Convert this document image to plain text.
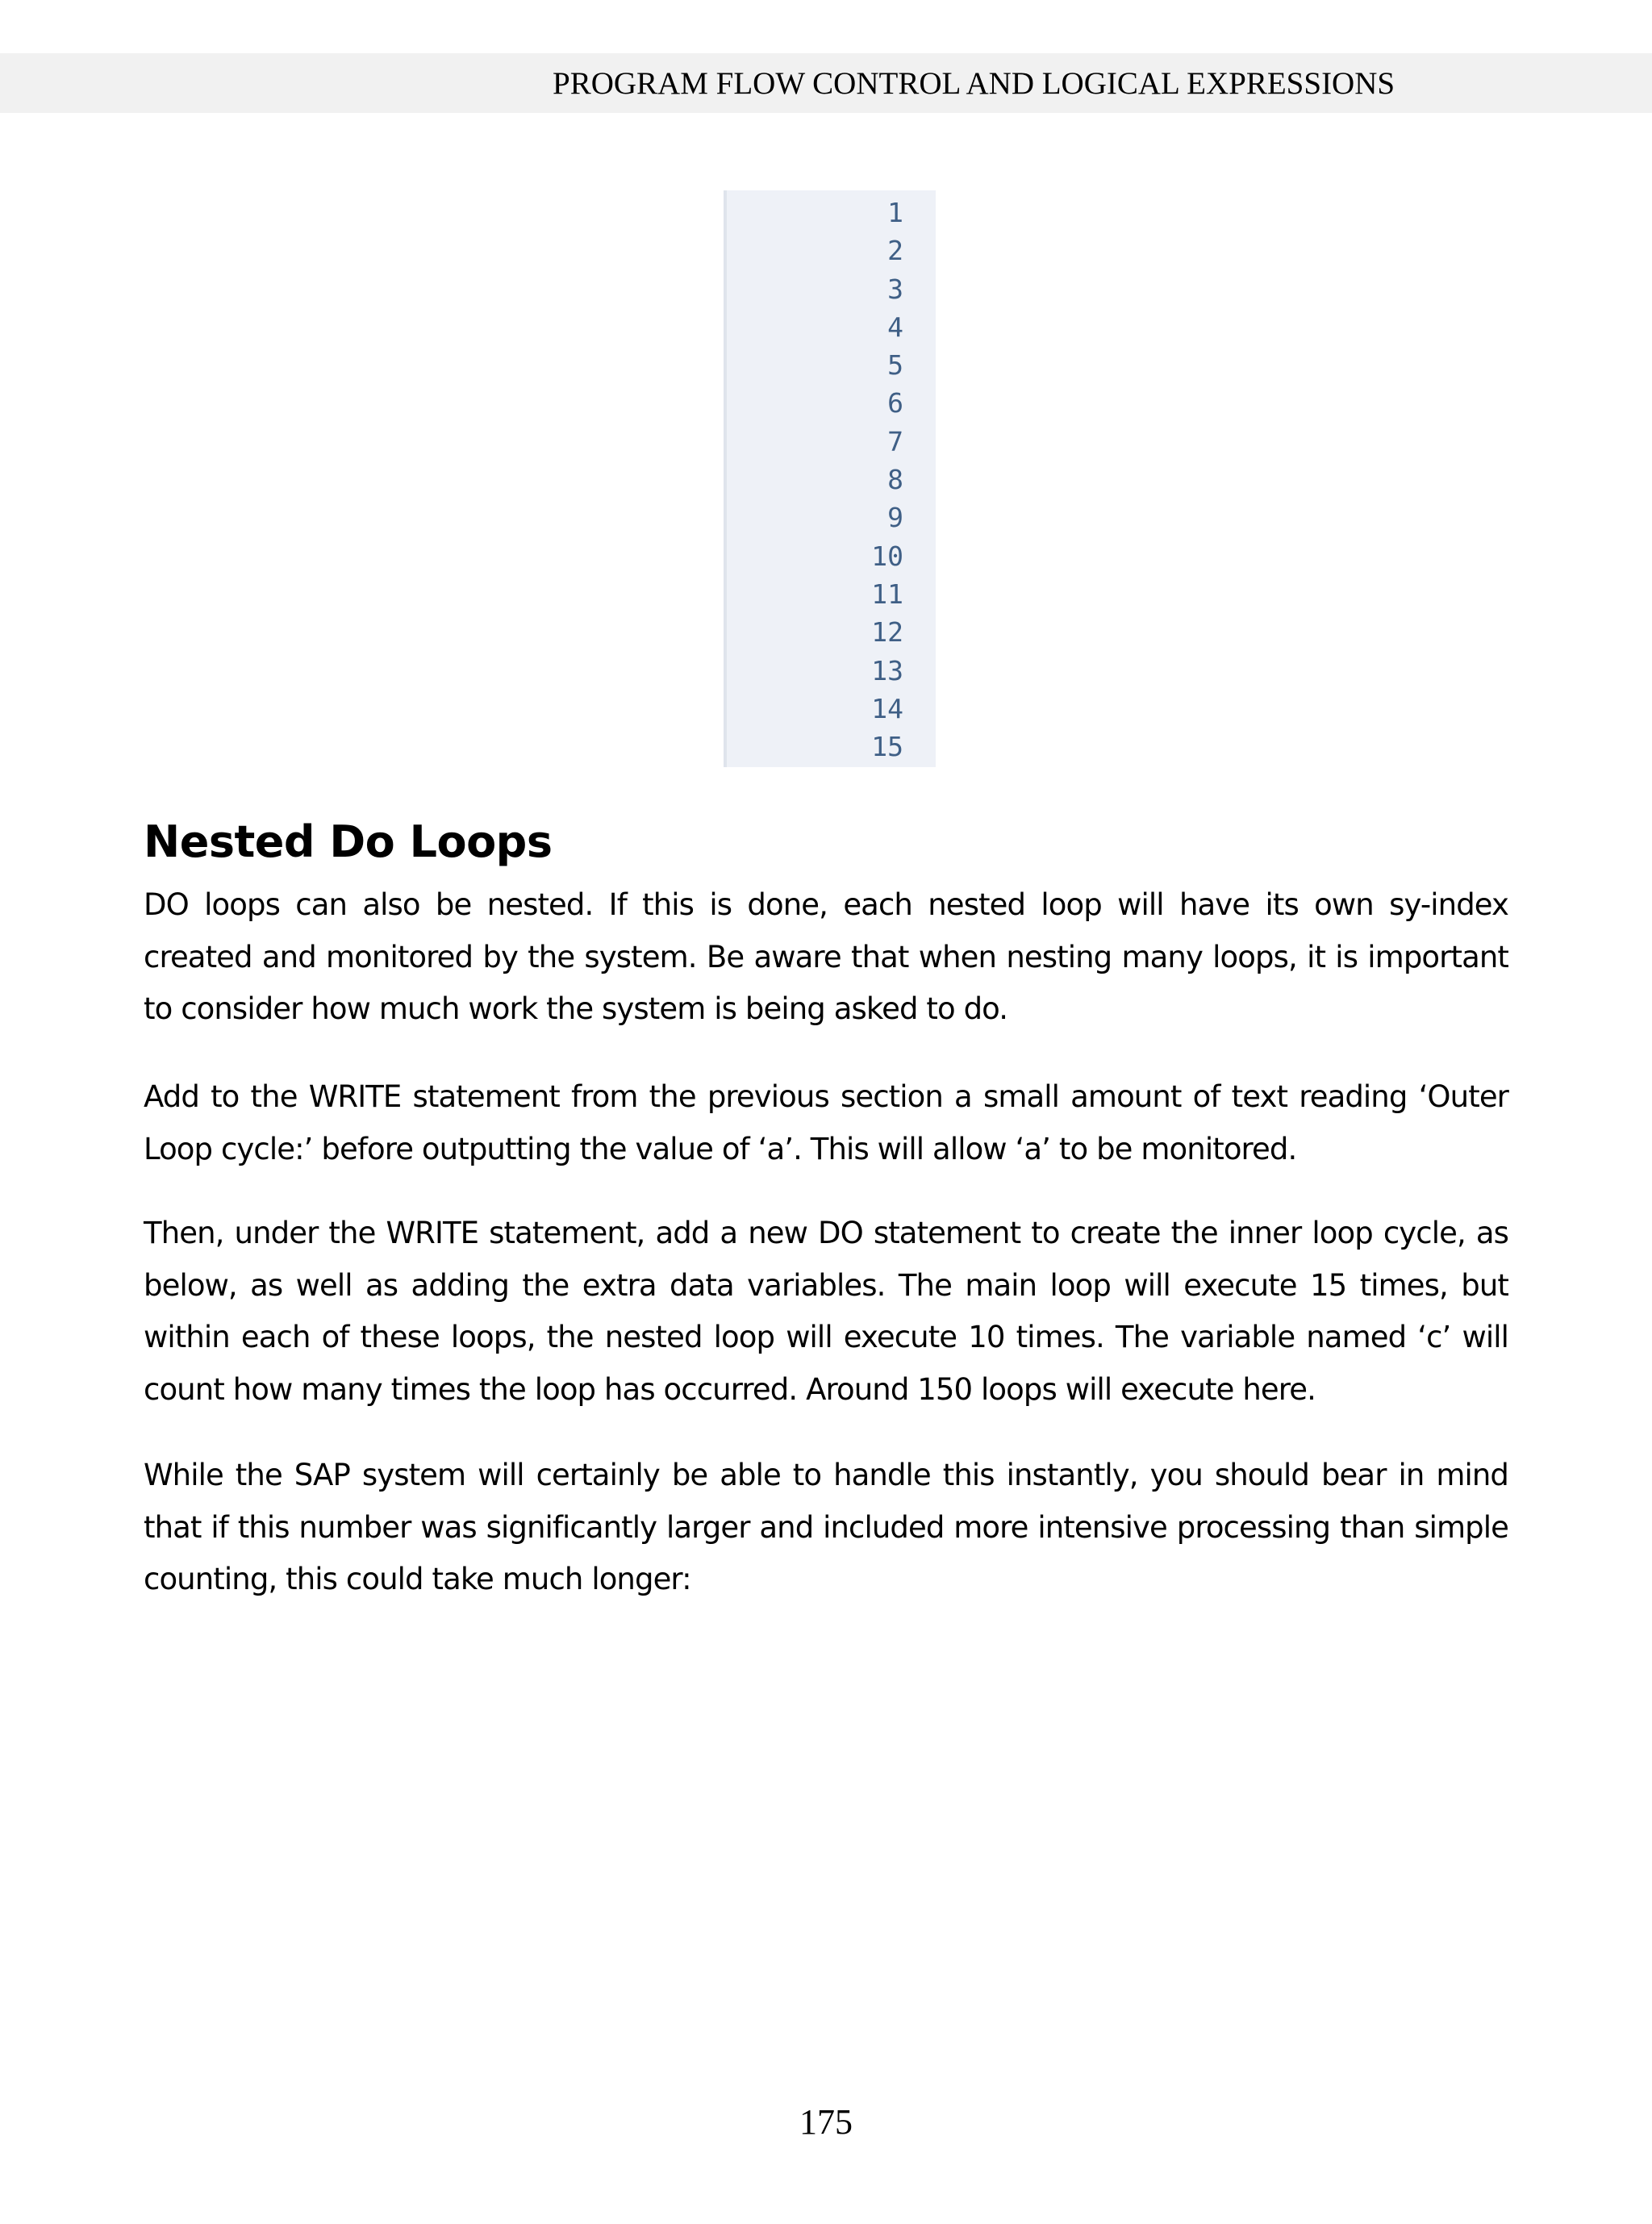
PROGRAM FLOW CONTROL AND LOGICAL EXPRESSIONS
1
2
3
4
5
6
7
8
9
10
11
12
13
14
15
Nested Do Loops

DO loops can also be nested. If this is done, each nested loop will have its own sy-index created and monitored by the system. Be aware that when nesting many loops, it is important to consider how much work the system is being asked to do.

Add to the WRITE statement from the previous section a small amount of text reading ‘Outer Loop cycle:’ before outputting the value of ‘a’. This will allow ‘a’ to be monitored.

Then, under the WRITE statement, add a new DO statement to create the inner loop cycle, as below, as well as adding the extra data variables. The main loop will execute 15 times, but within each of these loops, the nested loop will execute 10 times. The variable named ‘c’ will count how many times the loop has occurred. Around 150 loops will execute here.

While the SAP system will certainly be able to handle this instantly, you should bear in mind that if this number was significantly larger and included more intensive processing than simple counting, this could take much longer:

175
